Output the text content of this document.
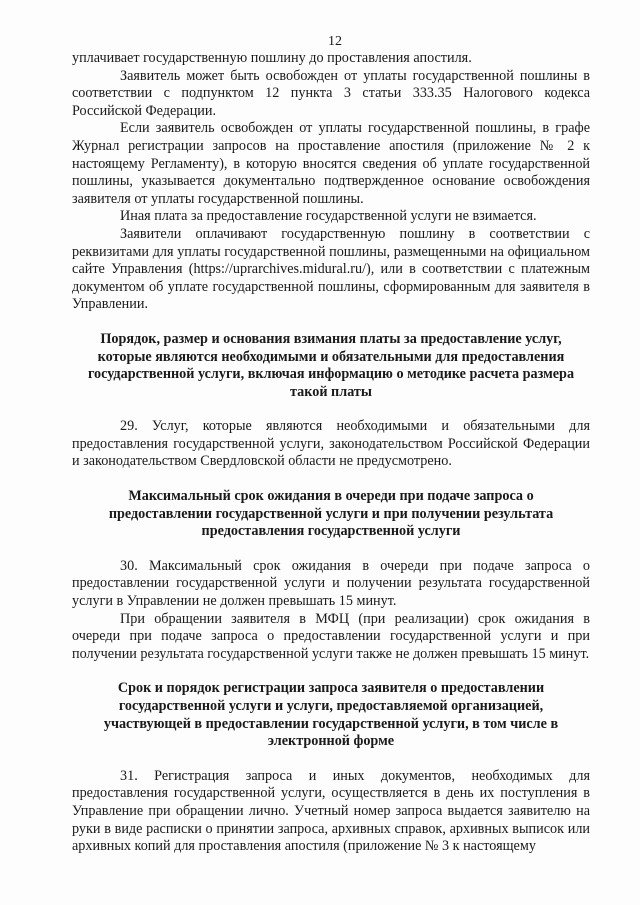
12

уплачивает государственную пошлину до проставления апостиля.

Заявитель может быть освобожден от уплаты государственной пошлины в соответствии с подпунктом 12 пункта 3 статьи 333.35 Налогового кодекса Российской Федерации.

Если заявитель освобожден от уплаты государственной пошлины, в графе Журнал регистрации запросов на проставление апостиля (приложение № 2 к настоящему Регламенту), в которую вносятся сведения об уплате государственной пошлины, указывается документально подтвержденное основание освобождения заявителя от уплаты государственной пошлины.

Иная плата за предоставление государственной услуги не взимается.

Заявители оплачивают государственную пошлину в соответствии с реквизитами для уплаты государственной пошлины, размещенными на официальном сайте Управления (https://uprarchives.midural.ru/), или в соответствии с платежным документом об уплате государственной пошлины, сформированным для заявителя в Управлении.

Порядок, размер и основания взимания платы за предоставление услуг, которые являются необходимыми и обязательными для предоставления государственной услуги, включая информацию о методике расчета размера такой платы

29. Услуг, которые являются необходимыми и обязательными для предоставления государственной услуги, законодательством Российской Федерации и законодательством Свердловской области не предусмотрено.

Максимальный срок ожидания в очереди при подаче запроса о предоставлении государственной услуги и при получении результата предоставления государственной услуги

30. Максимальный срок ожидания в очереди при подаче запроса о предоставлении государственной услуги и получении результата государственной услуги в Управлении не должен превышать 15 минут.

При обращении заявителя в МФЦ (при реализации) срок ожидания в очереди при подаче запроса о предоставлении государственной услуги и при получении результата государственной услуги также не должен превышать 15 минут.

Срок и порядок регистрации запроса заявителя о предоставлении государственной услуги и услуги, предоставляемой организацией, участвующей в предоставлении государственной услуги, в том числе в электронной форме

31. Регистрация запроса и иных документов, необходимых для предоставления государственной услуги, осуществляется в день их поступления в Управление при обращении лично. Учетный номер запроса выдается заявителю на руки в виде расписки о принятии запроса, архивных справок, архивных выписок или архивных копий для проставления апостиля (приложение № 3 к настоящему
